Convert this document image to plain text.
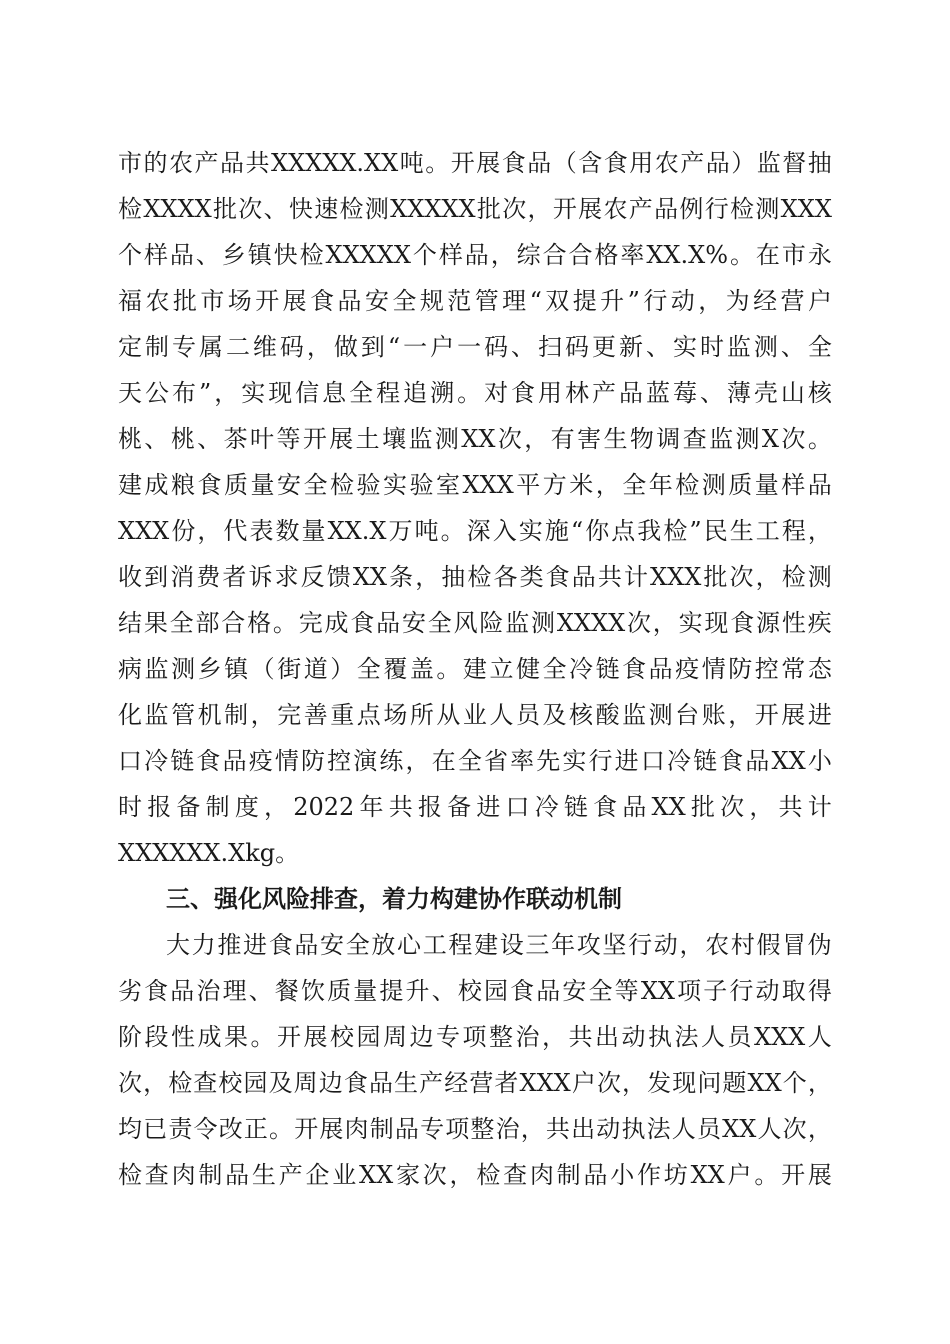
市 的 农 产 品 共 XXXXX.XX 吨 。 开 展 食 品 （ 含 食 用 农 产 品 ） 监 督 抽
检 XXXX 批 次 、 快 速 检 测 XXXXX 批 次 ， 开 展 农 产 品 例 行 检 测 XXX
个 样 品 、 乡 镇 快 检 XXXXX 个 样 品 ， 综 合 合 格 率 XX.X% 。 在 市 永
福 农 批 市 场 开 展 食 品 安 全 规 范 管 理 “ 双 提 升 ” 行 动 ， 为 经 营 户
定 制 专 属 二 维 码 ， 做 到 “ 一 户 一 码 、 扫 码 更 新 、 实 时 监 测 、 全
天 公 布 ” ， 实 现 信 息 全 程 追 溯 。 对 食 用 林 产 品 蓝 莓 、 薄 壳 山 核
桃 、 桃 、 茶 叶 等 开 展 土 壤 监 测 XX 次 ， 有 害 生 物 调 查 监 测 X 次 。
建 成 粮 食 质 量 安 全 检 验 实 验 室 XXX 平 方 米 ， 全 年 检 测 质 量 样 品
XXX 份 ， 代 表 数 量 XX.X 万 吨 。 深 入 实 施 “ 你 点 我 检 ” 民 生 工 程 ，
收 到 消 费 者 诉 求 反 馈 XX 条 ， 抽 检 各 类 食 品 共 计 XXX 批 次 ， 检 测
结 果 全 部 合 格 。 完 成 食 品 安 全 风 险 监 测 XXXX 次 ， 实 现 食 源 性 疾
病 监 测 乡 镇 （ 街 道 ） 全 覆 盖 。 建 立 健 全 冷 链 食 品 疫 情 防 控 常 态
化 监 管 机 制 ， 完 善 重 点 场 所 从 业 人 员 及 核 酸 监 测 台 账 ， 开 展 进
口 冷 链 食 品 疫 情 防 控 演 练 ， 在 全 省 率 先 实 行 进 口 冷 链 食 品 XX 小
时 报 备 制 度 ， 2022 年 共 报 备 进 口 冷 链 食 品 XX 批 次 ， 共 计
XXXXXX.Xkg。
三、强化风险排查，着力构建协作联动机制
大 力 推 进 食 品 安 全 放 心 工 程 建 设 三 年 攻 坚 行 动 ， 农 村 假 冒 伪
劣 食 品 治 理 、 餐 饮 质 量 提 升 、 校 园 食 品 安 全 等 XX 项 子 行 动 取 得
阶 段 性 成 果 。 开 展 校 园 周 边 专 项 整 治 ， 共 出 动 执 法 人 员 XXX 人
次 ， 检 查 校 园 及 周 边 食 品 生 产 经 营 者 XXX 户 次 ， 发 现 问 题 XX 个 ，
均 已 责 令 改 正 。 开 展 肉 制 品 专 项 整 治 ， 共 出 动 执 法 人 员 XX 人 次 ，
检 查 肉 制 品 生 产 企 业 XX 家 次 ， 检 查 肉 制 品 小 作 坊 XX 户 。 开 展
